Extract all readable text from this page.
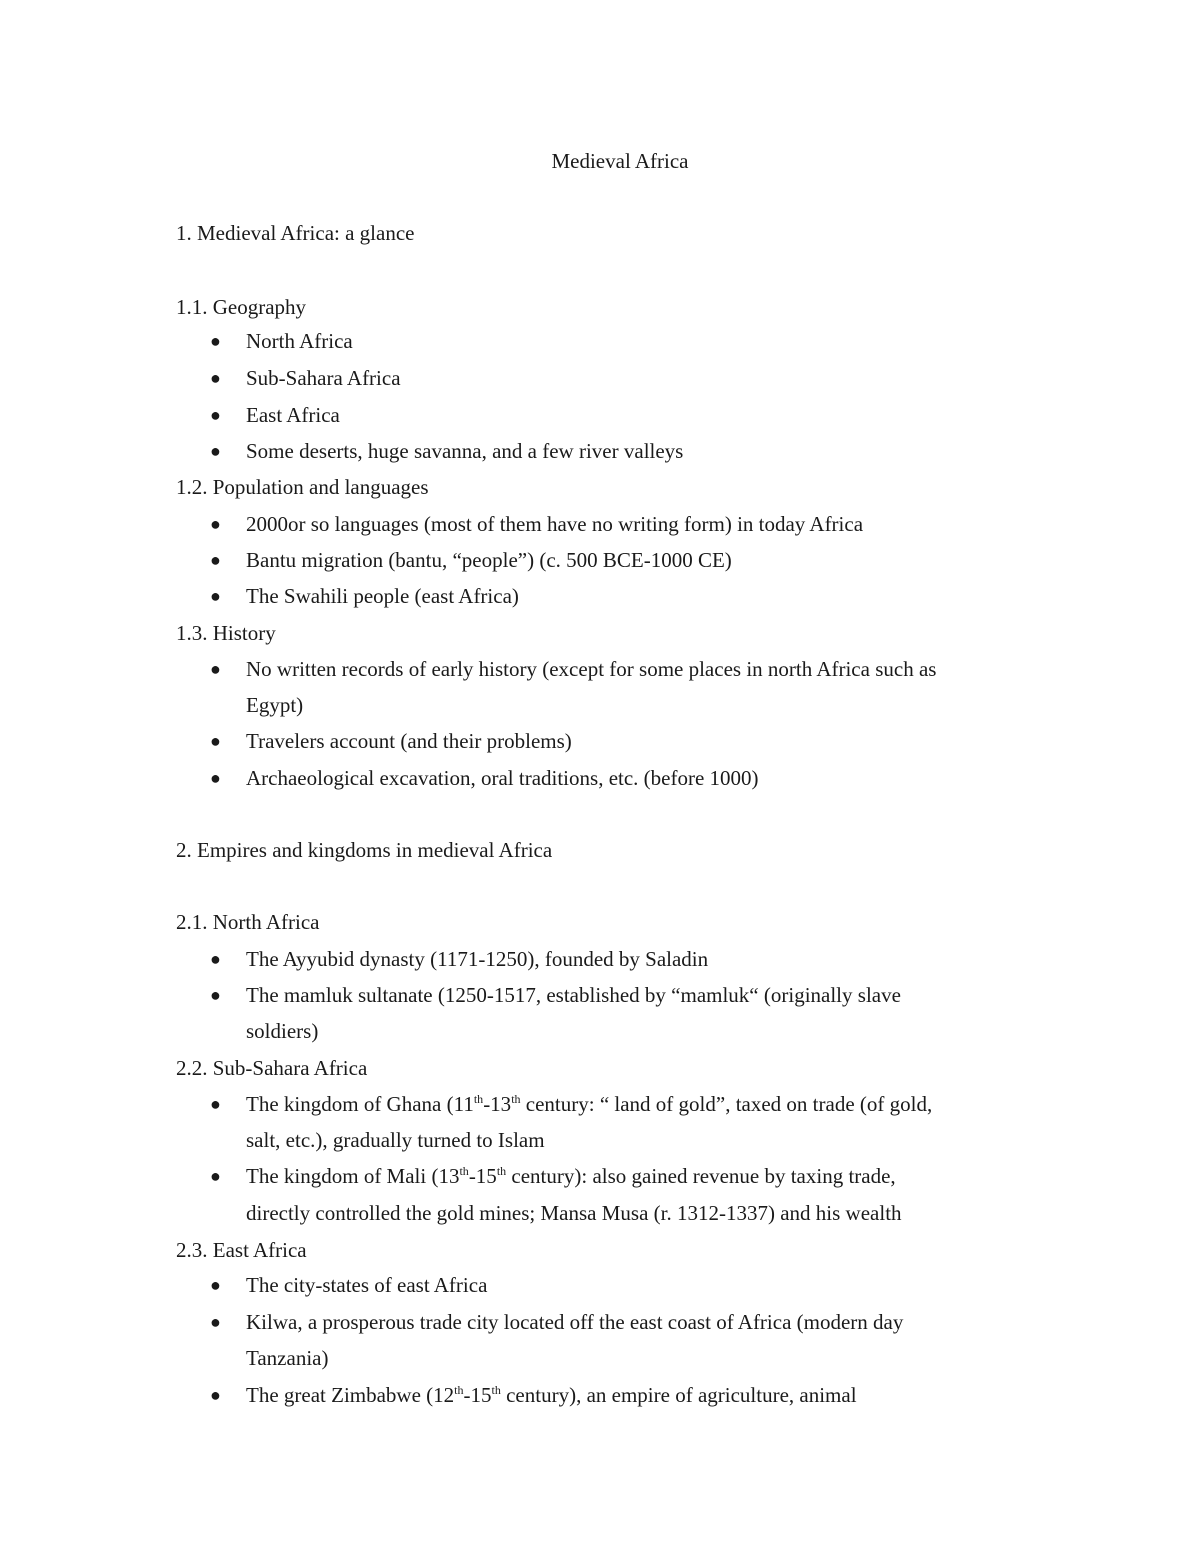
Medieval Africa
1. Medieval Africa: a glance
1.1. Geography
● North Africa
● Sub-Sahara Africa
● East Africa
● Some deserts, huge savanna, and a few river valleys
1.2. Population and languages
● 2000or so languages (most of them have no writing form) in today Africa
● Bantu migration (bantu, “people”) (c. 500 BCE-1000 CE)
● The Swahili people (east Africa)
1.3. History
● No written records of early history (except for some places in north Africa such as
Egypt)
● Travelers account (and their problems)
● Archaeological excavation, oral traditions, etc. (before 1000)
2. Empires and kingdoms in medieval Africa
2.1. North Africa
● The Ayyubid dynasty (1171-1250), founded by Saladin
● The mamluk sultanate (1250-1517, established by “mamluk“ (originally slave
soldiers)
2.2. Sub-Sahara Africa
● The kingdom of Ghana (11th-13th century: “ land of gold”, taxed on trade (of gold,
salt, etc.), gradually turned to Islam
● The kingdom of Mali (13th-15th century): also gained revenue by taxing trade,
directly controlled the gold mines; Mansa Musa (r. 1312-1337) and his wealth
2.3. East Africa
● The city-states of east Africa
● Kilwa, a prosperous trade city located off the east coast of Africa (modern day
Tanzania)
● The great Zimbabwe (12th-15th century), an empire of agriculture, animal
